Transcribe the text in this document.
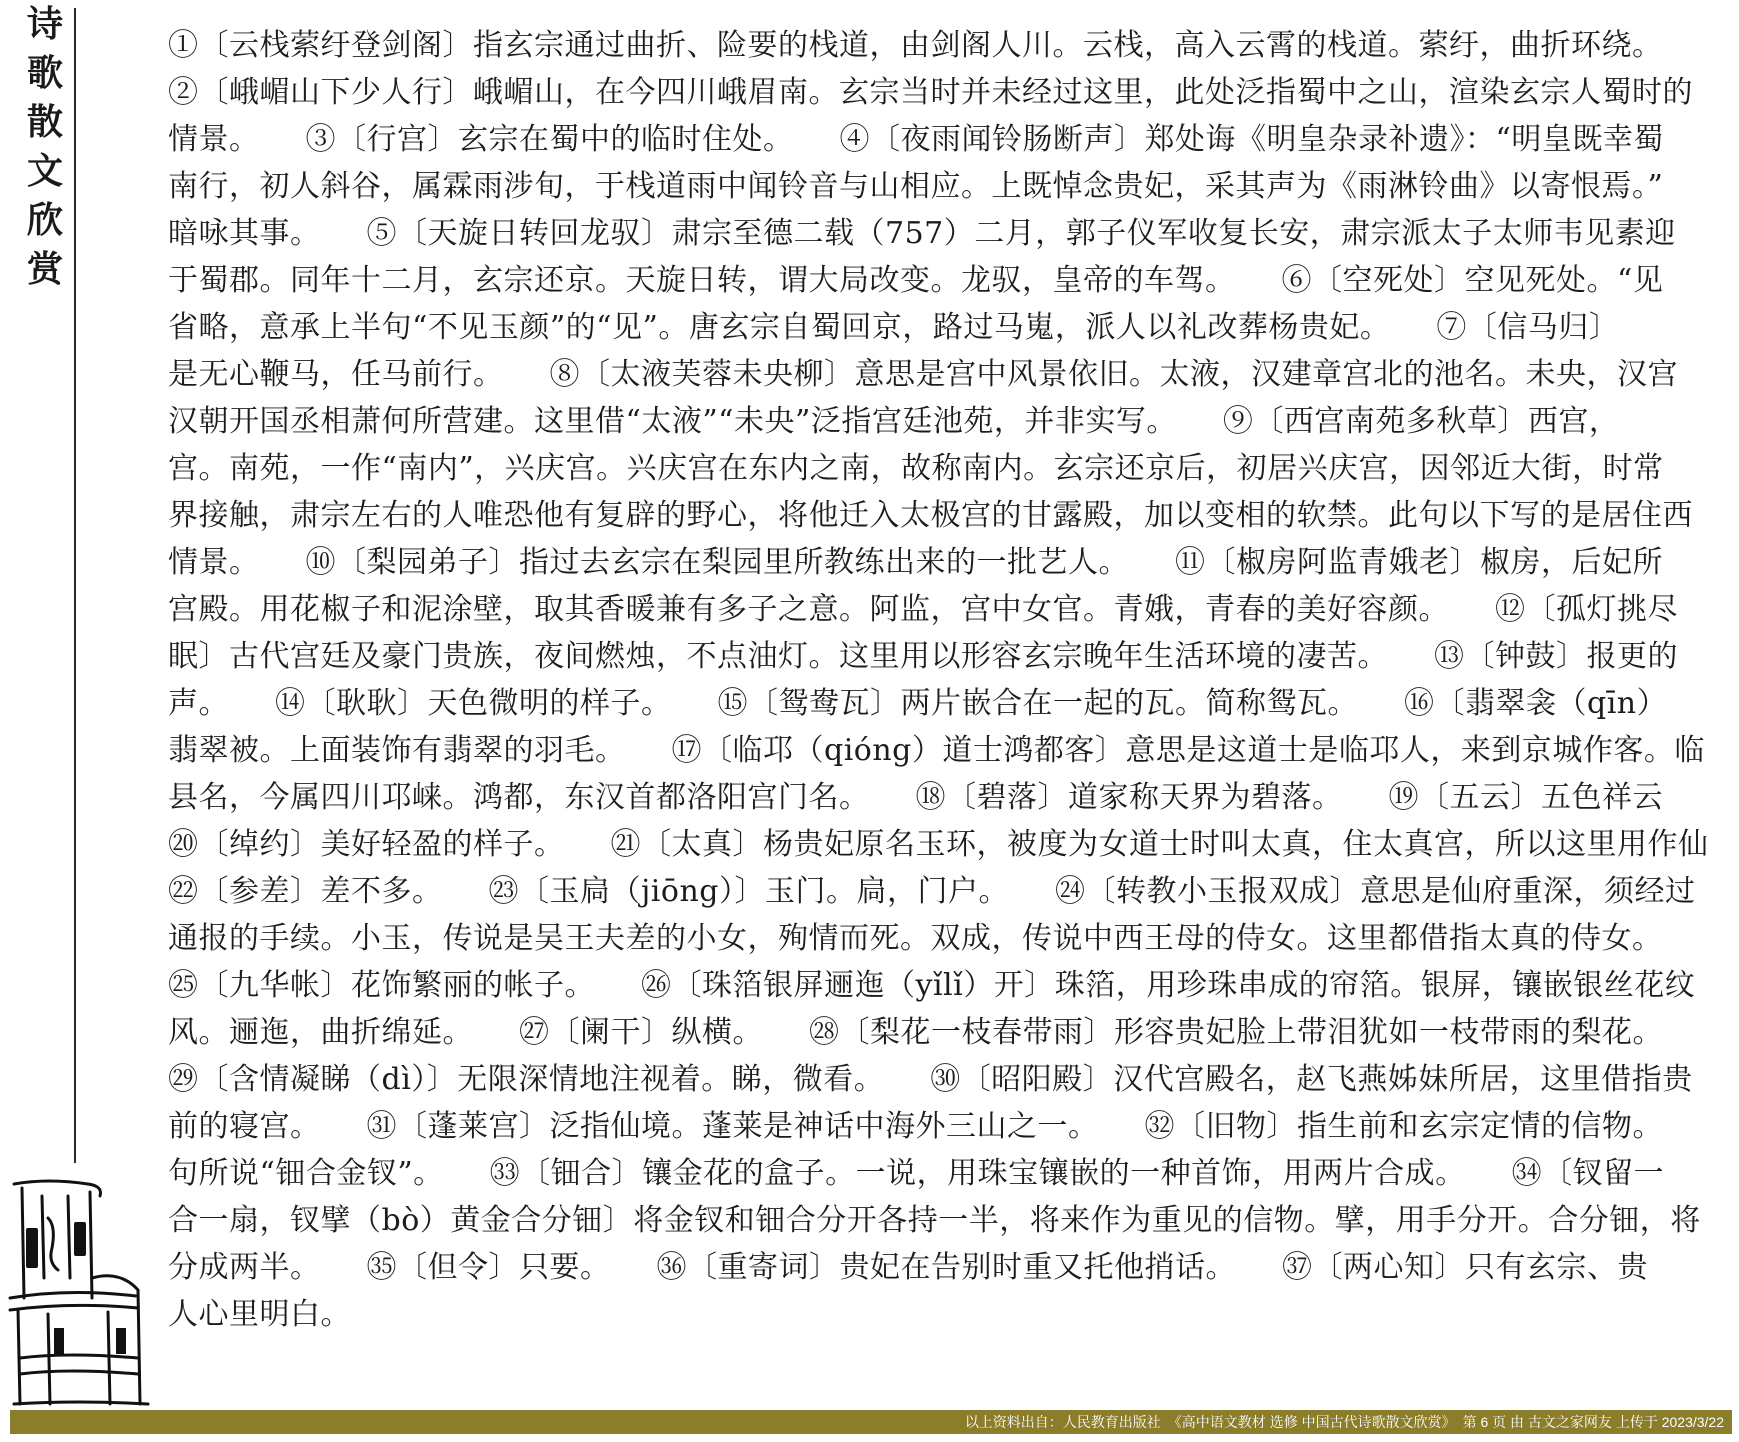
诗
歌
散
文
欣
赏
①〔云栈萦纡登剑阁〕指玄宗通过曲折、险要的栈道，由剑阁人川。云栈，高入云霄的栈道。萦纡，曲折环绕。
②〔峨嵋山下少人行〕峨嵋山，在今四川峨眉南。玄宗当时并未经过这里，此处泛指蜀中之山，渲染玄宗人蜀时的
情景。　　③〔行宫〕玄宗在蜀中的临时住处。　　④〔夜雨闻铃肠断声〕郑处诲《明皇杂录补遗》：“明皇既幸蜀
南行，初人斜谷，属霖雨涉旬，于栈道雨中闻铃音与山相应。上既悼念贵妃，采其声为《雨淋铃曲》以寄恨焉。”
暗咏其事。　　⑤〔天旋日转回龙驭〕肃宗至德二载（757）二月，郭子仪军收复长安，肃宗派太子太师韦见素迎
于蜀郡。同年十二月，玄宗还京。天旋日转，谓大局改变。龙驭，皇帝的车驾。　　⑥〔空死处〕空见死处。“见
省略，意承上半句“不见玉颜”的“见”。唐玄宗自蜀回京，路过马嵬，派人以礼改葬杨贵妃。　　⑦〔信马归〕
是无心鞭马，任马前行。　　⑧〔太液芙蓉未央柳〕意思是宫中风景依旧。太液，汉建章宫北的池名。未央，汉宫
汉朝开国丞相萧何所营建。这里借“太液”“未央”泛指宫廷池苑，并非实写。　　⑨〔西宫南苑多秋草〕西宫，
宫。南苑，一作“南内”，兴庆宫。兴庆宫在东内之南，故称南内。玄宗还京后，初居兴庆宫，因邻近大街，时常
界接触，肃宗左右的人唯恐他有复辟的野心，将他迁入太极宫的甘露殿，加以变相的软禁。此句以下写的是居住西
情景。　　⑩〔梨园弟子〕指过去玄宗在梨园里所教练出来的一批艺人。　　⑪〔椒房阿监青娥老〕椒房，后妃所
宫殿。用花椒子和泥涂壁，取其香暖兼有多子之意。阿监，宫中女官。青娥，青春的美好容颜。　　⑫〔孤灯挑尽
眠〕古代宫廷及豪门贵族，夜间燃烛，不点油灯。这里用以形容玄宗晚年生活环境的凄苦。　　⑬〔钟鼓〕报更的
声。　　⑭〔耿耿〕天色微明的样子。　　⑮〔鸳鸯瓦〕两片嵌合在一起的瓦。简称鸳瓦。　　⑯〔翡翠衾（qīn）
翡翠被。上面装饰有翡翠的羽毛。　　⑰〔临邛（qióng）道士鸿都客〕意思是这道士是临邛人，来到京城作客。临
县名，今属四川邛崃。鸿都，东汉首都洛阳宫门名。　　⑱〔碧落〕道家称天界为碧落。　　⑲〔五云〕五色祥云
⑳〔绰约〕美好轻盈的样子。　　㉑〔太真〕杨贵妃原名玉环，被度为女道士时叫太真，住太真宫，所以这里用作仙
㉒〔参差〕差不多。　　㉓〔玉扃（jiōng）〕玉门。扃，门户。　　㉔〔转教小玉报双成〕意思是仙府重深，须经过
通报的手续。小玉，传说是吴王夫差的小女，殉情而死。双成，传说中西王母的侍女。这里都借指太真的侍女。
㉕〔九华帐〕花饰繁丽的帐子。　　㉖〔珠箔银屏逦迤（yǐlǐ）开〕珠箔，用珍珠串成的帘箔。银屏，镶嵌银丝花纹
风。逦迤，曲折绵延。　　㉗〔阑干〕纵横。　　㉘〔梨花一枝春带雨〕形容贵妃脸上带泪犹如一枝带雨的梨花。
㉙〔含情凝睇（dì）〕无限深情地注视着。睇，微看。　　㉚〔昭阳殿〕汉代宫殿名，赵飞燕姊妹所居，这里借指贵
前的寝宫。　　㉛〔蓬莱宫〕泛指仙境。蓬莱是神话中海外三山之一。　　㉜〔旧物〕指生前和玄宗定情的信物。
句所说“钿合金钗”。　　㉝〔钿合〕镶金花的盒子。一说，用珠宝镶嵌的一种首饰，用两片合成。　　㉞〔钗留一
合一扇，钗擘（bò）黄金合分钿〕将金钗和钿合分开各持一半，将来作为重见的信物。擘，用手分开。合分钿，将
分成两半。　　㉟〔但令〕只要。　　㊱〔重寄词〕贵妃在告别时重又托他捎话。　　㊲〔两心知〕只有玄宗、贵
人心里明白。
以上资料出自：人民教育出版社　《高中语文教材 选修 中国古代诗歌散文欣赏》　第 6 页 由 古文之家网友 上传于 2023/3/22
